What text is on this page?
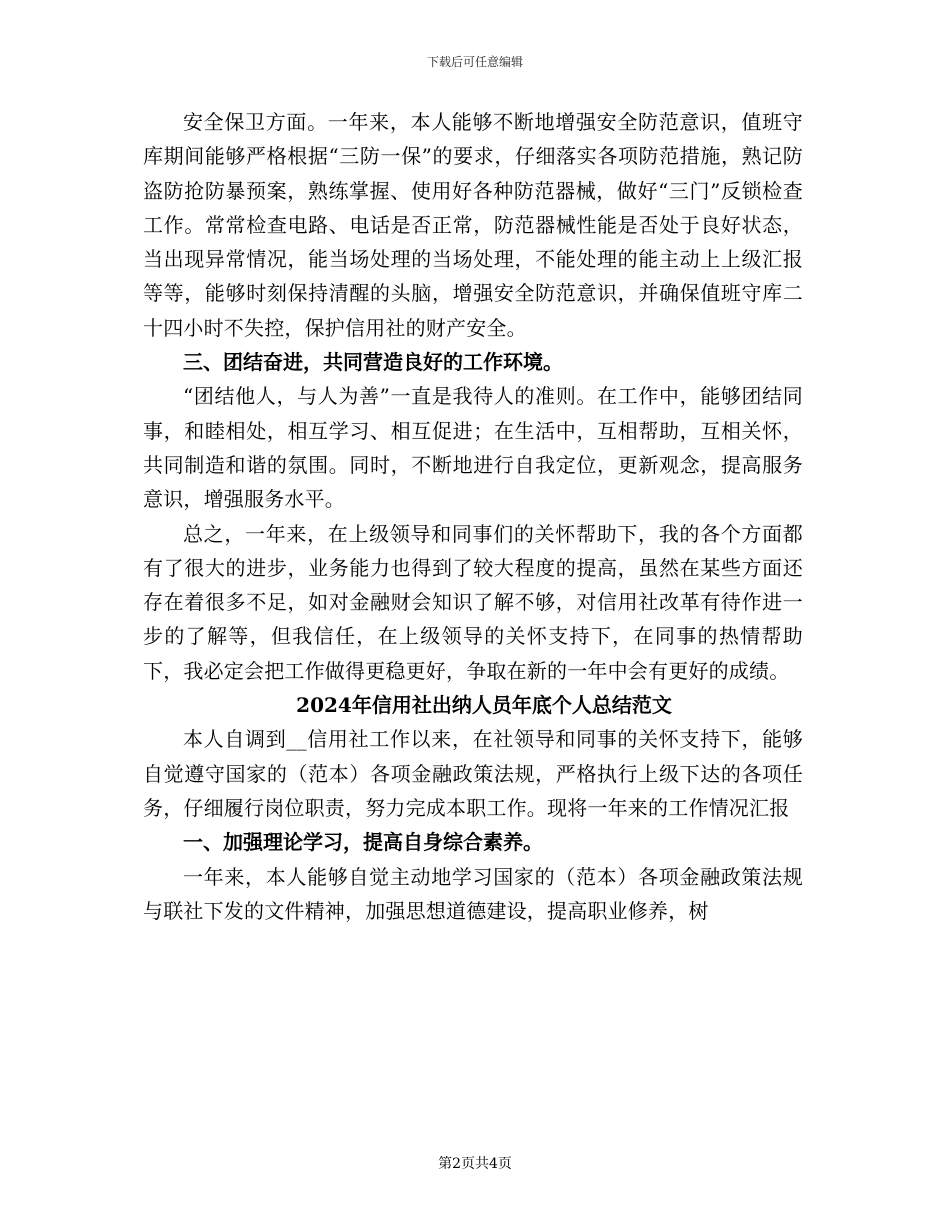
下载后可任意编辑

安全保卫方面。一年来，本人能够不断地增强安全防范意识，值班守库期间能够严格根据“三防一保”的要求，仔细落实各项防范措施，熟记防盗防抢防暴预案，熟练掌握、使用好各种防范器械，做好“三门”反锁检查工作。常常检查电路、电话是否正常，防范器械性能是否处于良好状态，当出现异常情况，能当场处理的当场处理，不能处理的能主动上上级汇报等等，能够时刻保持清醒的头脑，增强安全防范意识，并确保值班守库二十四小时不失控，保护信用社的财产安全。

三、团结奋进，共同营造良好的工作环境。

“团结他人，与人为善”一直是我待人的准则。在工作中，能够团结同事，和睦相处，相互学习、相互促进；在生活中，互相帮助，互相关怀，共同制造和谐的氛围。同时，不断地进行自我定位，更新观念，提高服务意识，增强服务水平。

总之，一年来，在上级领导和同事们的关怀帮助下，我的各个方面都有了很大的进步，业务能力也得到了较大程度的提高，虽然在某些方面还存在着很多不足，如对金融财会知识了解不够，对信用社改革有待作进一步的了解等，但我信任，在上级领导的关怀支持下，在同事的热情帮助下，我必定会把工作做得更稳更好，争取在新的一年中会有更好的成绩。

2024年信用社出纳人员年底个人总结范文

本人自调到__信用社工作以来，在社领导和同事的关怀支持下，能够自觉遵守国家的（范本）各项金融政策法规，严格执行上级下达的各项任务，仔细履行岗位职责，努力完成本职工作。现将一年来的工作情况汇报

一、加强理论学习，提高自身综合素养。

一年来，本人能够自觉主动地学习国家的（范本）各项金融政策法规与联社下发的文件精神，加强思想道德建设，提高职业修养，树

第2页共4页
